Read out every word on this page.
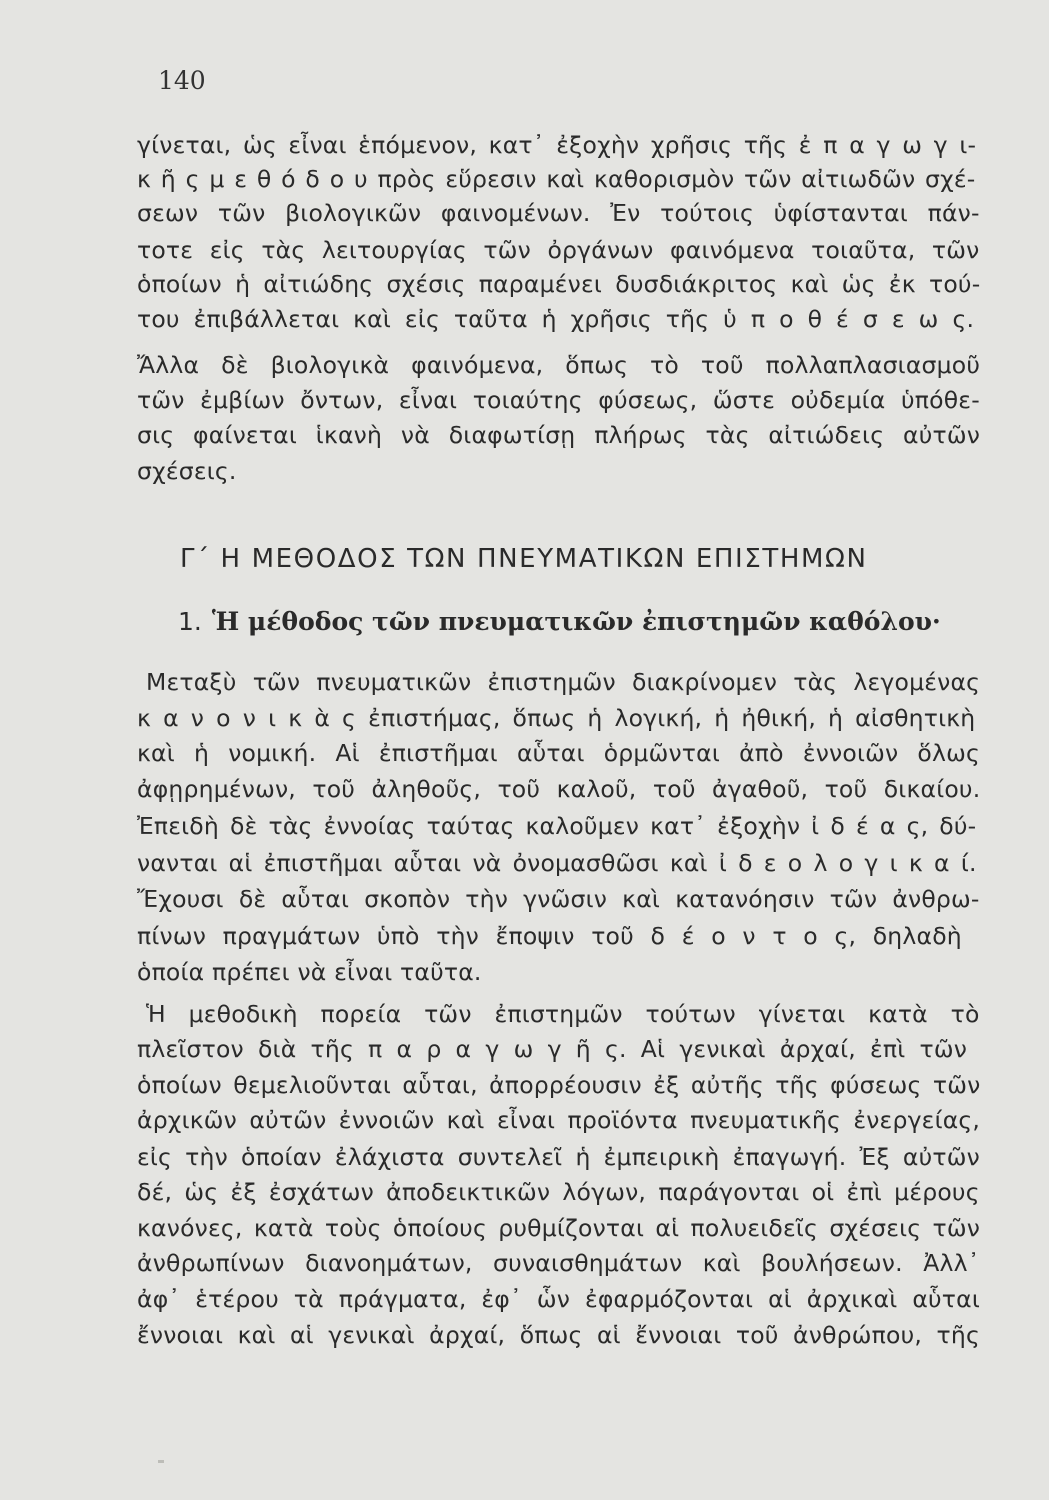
140
γίνεται, ὡς εἶναι ἑπόμενον, κατ᾽ ἐξοχὴν χρῆσις τῆς ἐ π α γ ω γ ι-
κ ῆ ς μ ε θ ό δ ο υ πρὸς εὕρεσιν καὶ καθορισμὸν τῶν αἰτιωδῶν σχέ-
σεων τῶν βιολογικῶν φαινομένων. Ἐν τούτοις ὑφίστανται πάν-
τοτε εἰς τὰς λειτουργίας τῶν ὀργάνων φαινόμενα τοιαῦτα, τῶν
ὁποίων ἡ αἰτιώδης σχέσις παραμένει δυσδιάκριτος καὶ ὡς ἐκ τού-
του ἐπιβάλλεται καὶ εἰς ταῦτα ἡ χρῆσις τῆς ὑ π ο θ έ σ ε ω ς.
Ἄλλα δὲ βιολογικὰ φαινόμενα, ὅπως τὸ τοῦ πολλαπλασιασμοῦ
τῶν ἐμβίων ὄντων, εἶναι τοιαύτης φύσεως, ὥστε οὐδεμία ὑπόθε-
σις φαίνεται ἱκανὴ νὰ διαφωτίσῃ πλήρως τὰς αἰτιώδεις αὐτῶν
σχέσεις.
Γ΄ Η ΜΕΘΟΔΟΣ ΤΩΝ ΠΝΕΥΜΑΤΙΚΩΝ ΕΠΙΣΤΗΜΩΝ
1. Ἡ μέθοδος τῶν πνευματικῶν ἐπιστημῶν καθόλου·
Μεταξὺ τῶν πνευματικῶν ἐπιστημῶν διακρίνομεν τὰς λεγομένας
κ α ν ο ν ι κ ὰ ς ἐπιστήμας, ὅπως ἡ λογική, ἡ ἠθική, ἡ αἰσθητικὴ
καὶ ἡ νομική. Αἱ ἐπιστῆμαι αὗται ὁρμῶνται ἀπὸ ἐννοιῶν ὅλως
ἀφῃρημένων, τοῦ ἀληθοῦς, τοῦ καλοῦ, τοῦ ἀγαθοῦ, τοῦ δικαίου.
Ἐπειδὴ δὲ τὰς ἐννοίας ταύτας καλοῦμεν κατ᾽ ἐξοχὴν ἰ δ έ α ς, δύ-
νανται αἱ ἐπιστῆμαι αὗται νὰ ὀνομασθῶσι καὶ ἰ δ ε ο λ ο γ ι κ α ί.
Ἔχουσι δὲ αὗται σκοπὸν τὴν γνῶσιν καὶ κατανόησιν τῶν ἀνθρω-
πίνων πραγμάτων ὑπὸ τὴν ἔποψιν τοῦ δ έ ο ν τ ο ς, δηλαδὴ
ὁποία πρέπει νὰ εἶναι ταῦτα.
Ἡ μεθοδικὴ πορεία τῶν ἐπιστημῶν τούτων γίνεται κατὰ τὸ
πλεῖστον διὰ τῆς π α ρ α γ ω γ ῆ ς. Αἱ γενικαὶ ἀρχαί, ἐπὶ τῶν
ὁποίων θεμελιοῦνται αὗται, ἀπορρέουσιν ἐξ αὐτῆς τῆς φύσεως τῶν
ἀρχικῶν αὐτῶν ἐννοιῶν καὶ εἶναι προϊόντα πνευματικῆς ἐνεργείας,
εἰς τὴν ὁποίαν ἐλάχιστα συντελεῖ ἡ ἐμπειρικὴ ἐπαγωγή. Ἐξ αὐτῶν
δέ, ὡς ἐξ ἐσχάτων ἀποδεικτικῶν λόγων, παράγονται οἱ ἐπὶ μέρους
κανόνες, κατὰ τοὺς ὁποίους ρυθμίζονται αἱ πολυειδεῖς σχέσεις τῶν
ἀνθρωπίνων διανοημάτων, συναισθημάτων καὶ βουλήσεων. Ἀλλ᾽
ἀφ᾽ ἑτέρου τὰ πράγματα, ἐφ᾽ ὧν ἐφαρμόζονται αἱ ἀρχικαὶ αὗται
ἔννοιαι καὶ αἱ γενικαὶ ἀρχαί, ὅπως αἱ ἔννοιαι τοῦ ἀνθρώπου, τῆς
